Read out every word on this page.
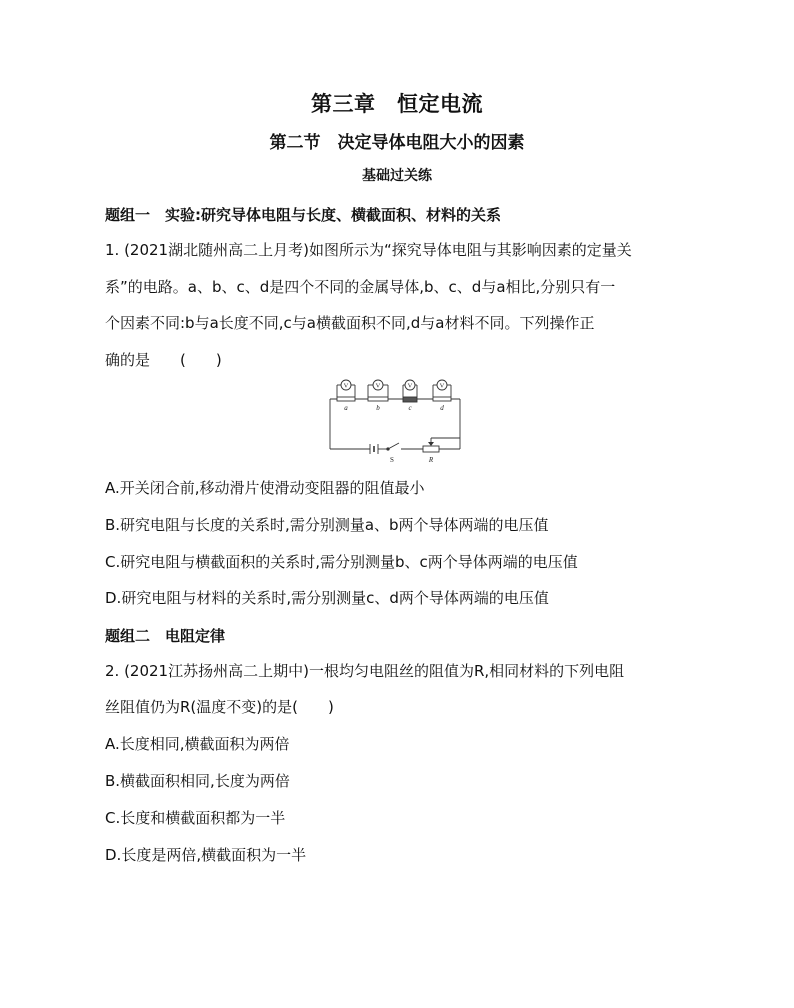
第三章　恒定电流
第二节　决定导体电阻大小的因素
基础过关练
题组一　实验:研究导体电阻与长度、横截面积、材料的关系
1. (2021湖北随州高二上月考)如图所示为“探究导体电阻与其影响因素的定量关
系”的电路。a、b、c、d是四个不同的金属导体,b、c、d与a相比,分别只有一
个因素不同:b与a长度不同,c与a横截面积不同,d与a材料不同。下列操作正
确的是　　(　　)
V	V	V	V
a	b	c	d
R
S
A.开关闭合前,移动滑片使滑动变阻器的阻值最小
B.研究电阻与长度的关系时,需分别测量a、b两个导体两端的电压值
C.研究电阻与横截面积的关系时,需分别测量b、c两个导体两端的电压值
D.研究电阻与材料的关系时,需分别测量c、d两个导体两端的电压值
题组二　电阻定律
2. (2021江苏扬州高二上期中)一根均匀电阻丝的阻值为R,相同材料的下列电阻
丝阻值仍为R(温度不变)的是(　　)
A.长度相同,横截面积为两倍
B.横截面积相同,长度为两倍
C.长度和横截面积都为一半
D.长度是两倍,横截面积为一半
